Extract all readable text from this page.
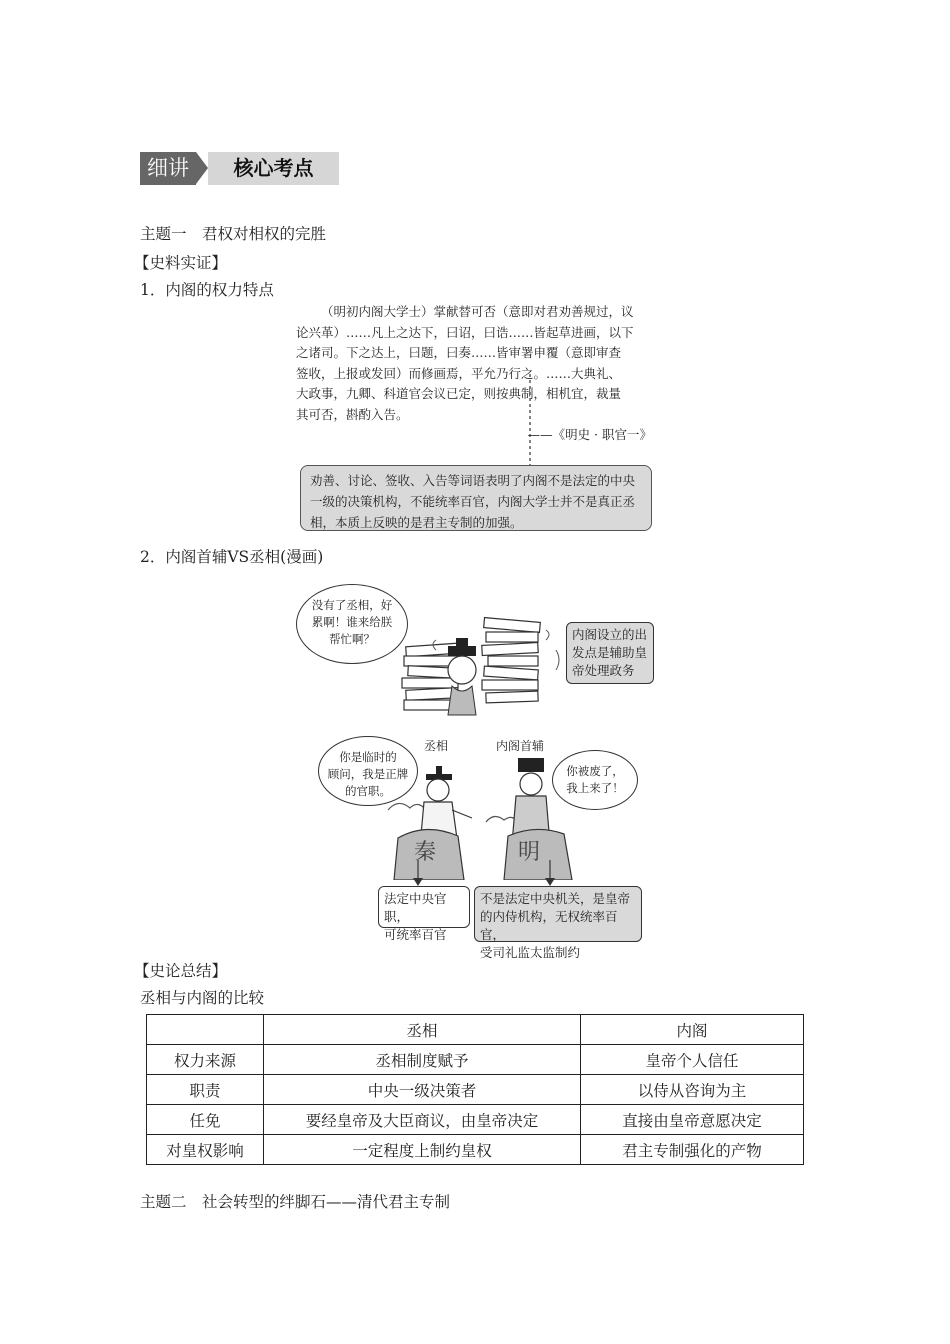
细讲	核心考点
主题一　君权对相权的完胜
【史料实证】
1．内阁的权力特点
（明初内阁大学士）掌献替可否（意即对君劝善规过，议
论兴革）……凡上之达下，曰诏，曰诰……皆起草进画，以下
之诸司。下之达上，曰题，曰奏……皆审署申覆（意即审查
签收，上报或发回）而修画焉，平允乃行之。……大典礼、
大政事，九卿、科道官会议已定，则按典制，相机宜，裁量
其可否，斟酌入告。
——《明史 · 职官一》
劝善、讨论、签收、入告等词语表明了内阁不是法定的中央一级的决策机构，不能统率百官，内阁大学士并不是真正丞相，本质上反映的是君主专制的加强。
2．内阁首辅VS丞相(漫画)
没有了丞相，好
累啊！谁来给朕
帮忙啊？	内阁设立的出
发点是辅助皇
帝处理政务
你是临时的
顾问，我是正牌
的官职。
丞相	内阁首辅
你被废了，
我上来了！
秦	明
法定中央官职，
可统率百官
不是法定中央机关，是皇帝
的内侍机构，无权统率百官，
受司礼监太监制约
【史论总结】
丞相与内阁的比较
	丞相	内阁
权力来源	丞相制度赋予	皇帝个人信任
职责	中央一级决策者	以侍从咨询为主
任免	要经皇帝及大臣商议，由皇帝决定	直接由皇帝意愿决定
对皇权影响	一定程度上制约皇权	君主专制强化的产物
主题二　社会转型的绊脚石——清代君主专制
